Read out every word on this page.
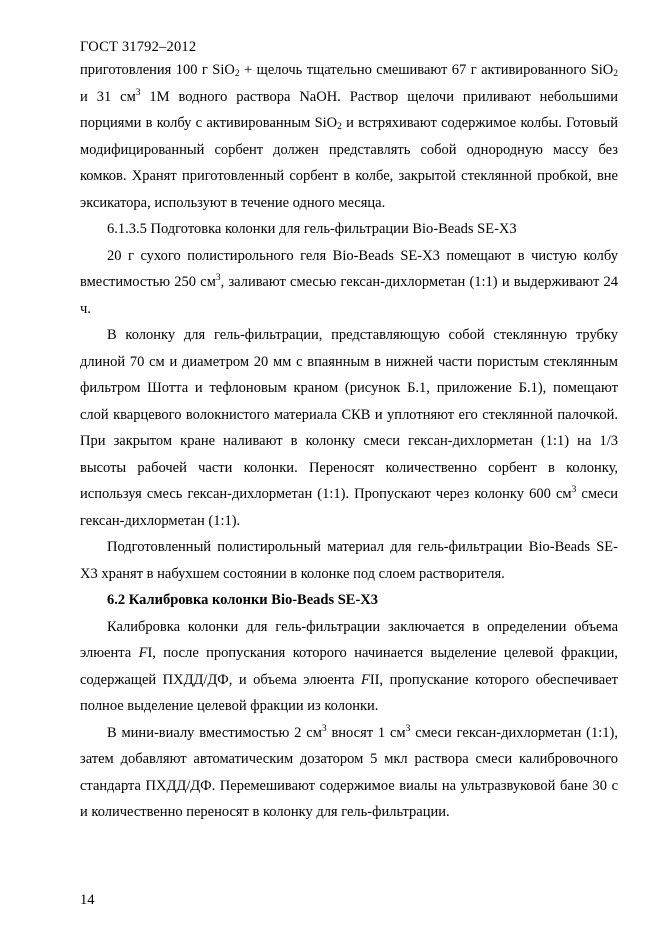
ГОСТ 31792–2012

приготовления 100 г SiO$_2$ + щелочь тщательно смешивают 67 г активированного SiO$_2$ и 31 $см^3$ 1М водного раствора NaOH. Раствор щелочи приливают небольшими порциями в колбу с активированным SiO$_2$ и встряхивают содержимое колбы. Готовый модифицированный сорбент должен представлять собой однородную массу без комков. Хранят приготовленный сорбент в колбе, закрытой стеклянной пробкой, вне эксикатора, используют в течение одного месяца.

6.1.3.5 Подготовка колонки для гель-фильтрации Bio-Beads SE-X3

20 г сухого полистирольного геля Bio-Beads SE-X3 помещают в чистую колбу вместимостью 250 $см^3$, заливают смесью гексан-дихлорметан (1:1) и выдерживают 24 ч.

В колонку для гель-фильтрации, представляющую собой стеклянную трубку длиной 70 см и диаметром 20 мм с впаянным в нижней части пористым стеклянным фильтром Шотта и тефлоновым краном (рисунок Б.1, приложение Б.1), помещают слой кварцевого волокнистого материала СКВ и уплотняют его стеклянной палочкой. При закрытом кране наливают в колонку смеси гексан-дихлорметан (1:1) на 1/3 высоты рабочей части колонки. Переносят количественно сорбент в колонку, используя смесь гексан-дихлорметан (1:1). Пропускают через колонку 600 $см^3$ смеси гексан-дихлорметан (1:1).

Подготовленный полистирольный материал для гель-фильтрации Bio-Beads SE-X3 хранят в набухшем состоянии в колонке под слоем растворителя.

6.2 Калибровка колонки Bio-Beads SE-X3

Калибровка колонки для гель-фильтрации заключается в определении объема элюента FI, после пропускания которого начинается выделение целевой фракции, содержащей ПХДД/ДФ, и объема элюента FII, пропускание которого обеспечивает полное выделение целевой фракции из колонки.

В мини-виалу вместимостью 2 $см^3$ вносят 1 $см^3$ смеси гексан-дихлорметан (1:1), затем добавляют автоматическим дозатором 5 мкл раствора смеси калибровочного стандарта ПХДД/ДФ. Перемешивают содержимое виалы на ультразвуковой бане 30 с и количественно переносят в колонку для гель-фильтрации.

14
